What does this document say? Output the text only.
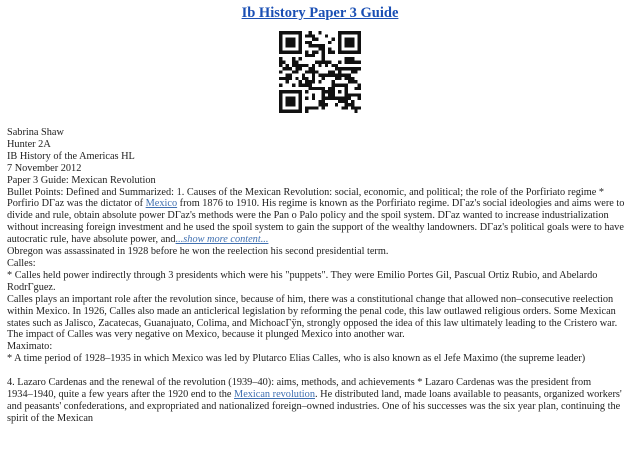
Ib History Paper 3 Guide
Sabrina Shaw
Hunter 2A
IB History of the Americas HL
7 November 2012
Paper 3 Guide: Mexican Revolution
Bullet Points: Defined and Summarized: 1. Causes of the Mexican Revolution: social, economic, and political; the role of the Porfiriato regime *
Porfirio DΓaz was the dictator of Mexico from 1876 to 1910. His regime is known as the Porfiriato regime. DΓaz's social ideologies and aims were to
divide and rule, obtain absolute power DΓaz's methods were the Pan o Palo policy and the spoil system. DΓaz wanted to increase industrialization
without increasing foreign investment and he used the spoil system to gain the support of the wealthy landowners. DΓaz's political goals were to have
autocratic rule, have absolute power, and...show more content...
Obregon was assassinated in 1928 before he won the reelection his second presidential term.
Calles:
* Calles held power indirectly through 3 presidents which were his "puppets". They were Emilio Portes Gil, Pascual Ortiz Rubio, and Abelardo
RodrΓguez.
Calles plays an important role after the revolution since, because of him, there was a constitutional change that allowed non–consecutive reelection
within Mexico. In 1926, Calles also made an anticlerical legislation by reforming the penal code, this law outlawed religious orders. Some Mexican
states such as Jalisco, Zacatecas, Guanajuato, Colima, and MichoacΓÿn, strongly opposed the idea of this law ultimately leading to the Cristero war.
The impact of Calles was very negative on Mexico, because it plunged Mexico into another war.
Maximato:
* A time period of 1928–1935 in which Mexico was led by Plutarco Elias Calles, who is also known as el Jefe Maximo (the supreme leader)
4. Lazaro Cardenas and the renewal of the revolution (1939–40): aims, methods, and achievements * Lazaro Cardenas was the president from
1934–1940, quite a few years after the 1920 end to the Mexican revolution. He distributed land, made loans available to peasants, organized workers'
and peasants' confederations, and expropriated and nationalized foreign–owned industries. One of his successes was the six year plan, continuing the
spirit of the Mexican
